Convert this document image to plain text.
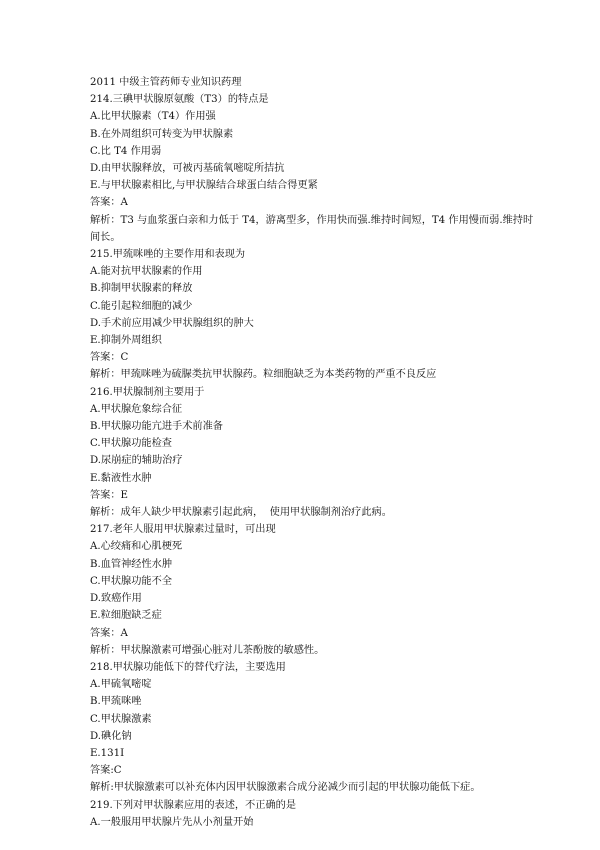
2011 中级主管药师专业知识药理
214.三碘甲状腺原氨酸（T3）的特点是
A.比甲状腺素（T4）作用强
B.在外周组织可转变为甲状腺素
C.比 T4 作用弱
D.由甲状腺释放，可被丙基硫氧嘧啶所拮抗
E.与甲状腺素相比,与甲状腺结合球蛋白结合得更紧
答案：A
解析：T3 与血浆蛋白亲和力低于 T4，游离型多，作用快而强.维持时间短，T4 作用慢而弱.维持时间长。
215.甲巯咪唑的主要作用和表现为
A.能对抗甲状腺素的作用
B.抑制甲状腺素的释放
C.能引起粒细胞的减少
D.手术前应用减少甲状腺组织的肿大
E.抑制外周组织
答案：C
解析：甲巯咪唑为硫脲类抗甲状腺药。粒细胞缺乏为本类药物的严重不良反应
216.甲状腺制剂主要用于
A.甲状腺危象综合征
B.甲状腺功能亢进手术前准备
C.甲状腺功能检查
D.尿崩症的辅助治疗
E.黏液性水肿
答案：E
解析：成年人缺少甲状腺素引起此病，  使用甲状腺制剂治疗此病。
217.老年人服用甲状腺素过量时，可出现
A.心绞痛和心肌梗死
B.血管神经性水肿
C.甲状腺功能不全
D.致癌作用
E.粒细胞缺乏症
答案：A
解析：甲状腺激素可增强心脏对儿茶酚胺的敏感性。
218.甲状腺功能低下的替代疗法，主要选用
A.甲硫氧嘧啶
B.甲巯咪唑
C.甲状腺激素
D.碘化钠
E.131I
答案:C
解析:甲状腺激素可以补充体内因甲状腺激素合成分泌减少而引起的甲状腺功能低下症。
219.下列对甲状腺素应用的表述，不正确的是
A.一般服用甲状腺片先从小剂量开始
